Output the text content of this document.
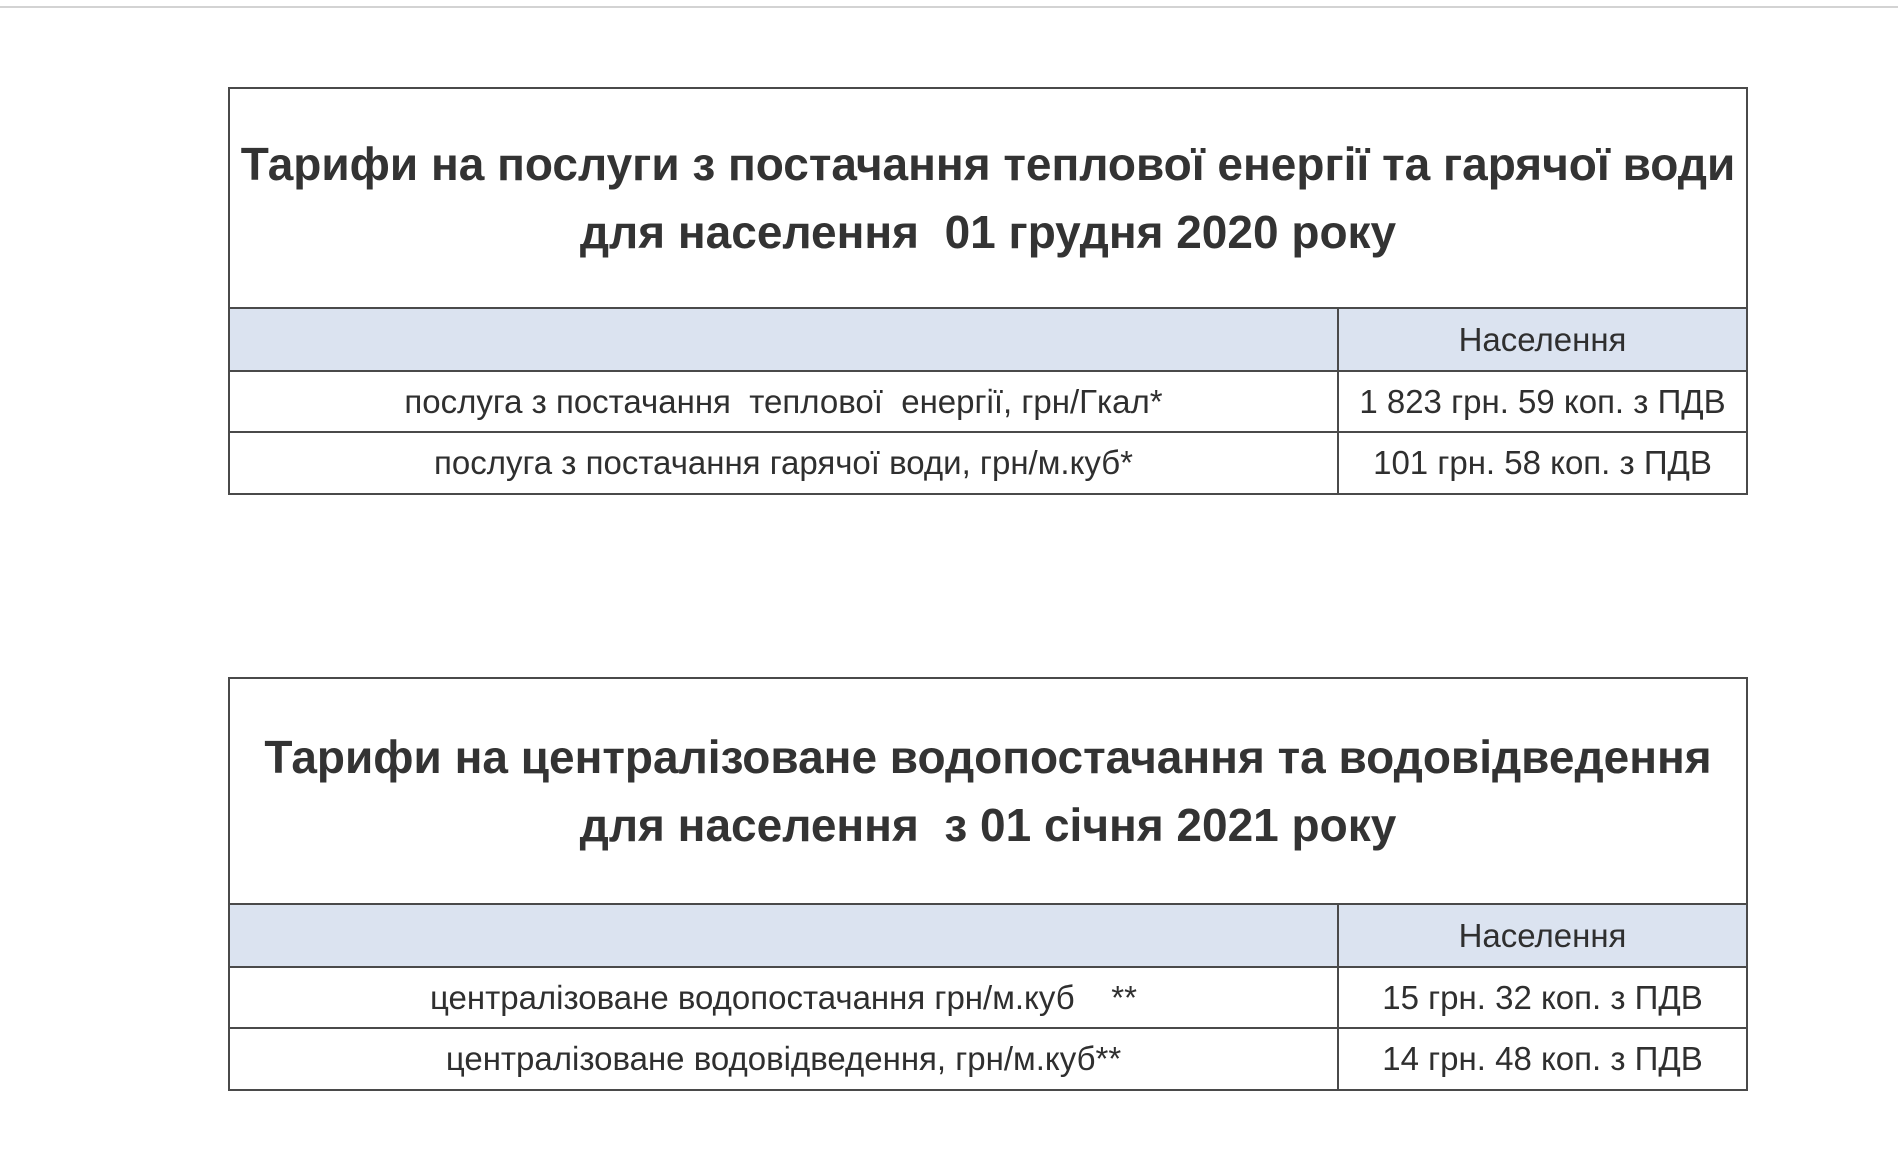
Тарифи на послуги з постачання теплової енергії та гарячої води
для населення  01 грудня 2020 року
	Населення
послуга з постачання  теплової  енергії, грн/Гкал*	1 823 грн. 59 коп. з ПДВ
послуга з постачання гарячої води, грн/м.куб*	101 грн. 58 коп. з ПДВ
Тарифи на централізоване водопостачання та водовідведення
для населення  з 01 січня 2021 року
	Населення
централізоване водопостачання грн/м.куб    **	15 грн. 32 коп. з ПДВ
централізоване водовідведення, грн/м.куб**	14 грн. 48 коп. з ПДВ
